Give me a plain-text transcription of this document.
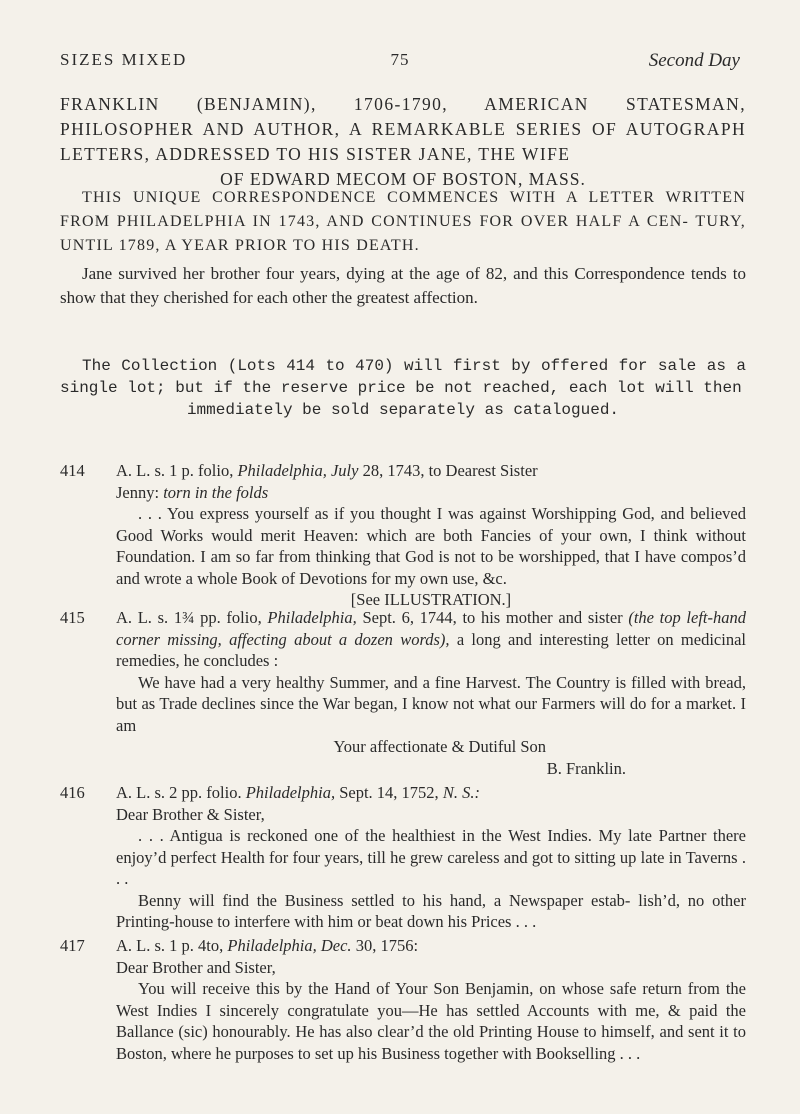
SIZES MIXED	75	Second Day
FRANKLIN (BENJAMIN), 1706-1790, AMERICAN STATESMAN, PHILOSOPHER AND AUTHOR, A REMARKABLE SERIES OF AUTOGRAPH LETTERS, ADDRESSED TO HIS SISTER JANE, THE WIFE
OF EDWARD MECOM OF BOSTON, MASS.
THIS UNIQUE CORRESPONDENCE COMMENCES WITH A LETTER WRITTEN FROM PHILADELPHIA IN 1743, AND CONTINUES FOR OVER HALF A CEN- TURY, UNTIL 1789, A YEAR PRIOR TO HIS DEATH.
Jane survived her brother four years, dying at the age of 82, and this Correspondence tends to show that they cherished for each other the greatest affection.
The Collection (Lots 414 to 470) will first by offered for sale as a single lot; but if the reserve price be not reached, each lot will then
immediately be sold separately as catalogued.
414	A. L. s. 1 p. folio, Philadelphia, July 28, 1743, to Dearest Sister
Jenny: torn in the folds

. . . You express yourself as if you thought I was against Worshipping God, and believed Good Works would merit Heaven: which are both Fancies of your own, I think without Foundation. I am so far from thinking that God is not to be worshipped, that I have compos’d and wrote a whole Book of Devotions for my own use, &c.

[See ILLUSTRATION.]

415	A. L. s. 1¾ pp. folio, Philadelphia, Sept. 6, 1744, to his mother and sister (the top left-hand corner missing, affecting about a dozen words), a long and interesting letter on medicinal remedies, he concludes :

We have had a very healthy Summer, and a fine Harvest. The Country is filled with bread, but as Trade declines since the War began, I know not what our Farmers will do for a market. I am

Your affectionate & Dutiful Son

B. Franklin.

416	A. L. s. 2 pp. folio. Philadelphia, Sept. 14, 1752, N. S.:

Dear Brother & Sister,

. . . Antigua is reckoned one of the healthiest in the West Indies. My late Partner there enjoy’d perfect Health for four years, till he grew careless and got to sitting up late in Taverns . . .

Benny will find the Business settled to his hand, a Newspaper estab- lish’d, no other Printing-house to interfere with him or beat down his Prices . . .

417	A. L. s. 1 p. 4to, Philadelphia, Dec. 30, 1756:

Dear Brother and Sister,

You will receive this by the Hand of Your Son Benjamin, on whose safe return from the West Indies I sincerely congratulate you—He has settled Accounts with me, & paid the Ballance (sic) honourably. He has also clear’d the old Printing House to himself, and sent it to Boston, where he purposes to set up his Business together with Bookselling . . .
